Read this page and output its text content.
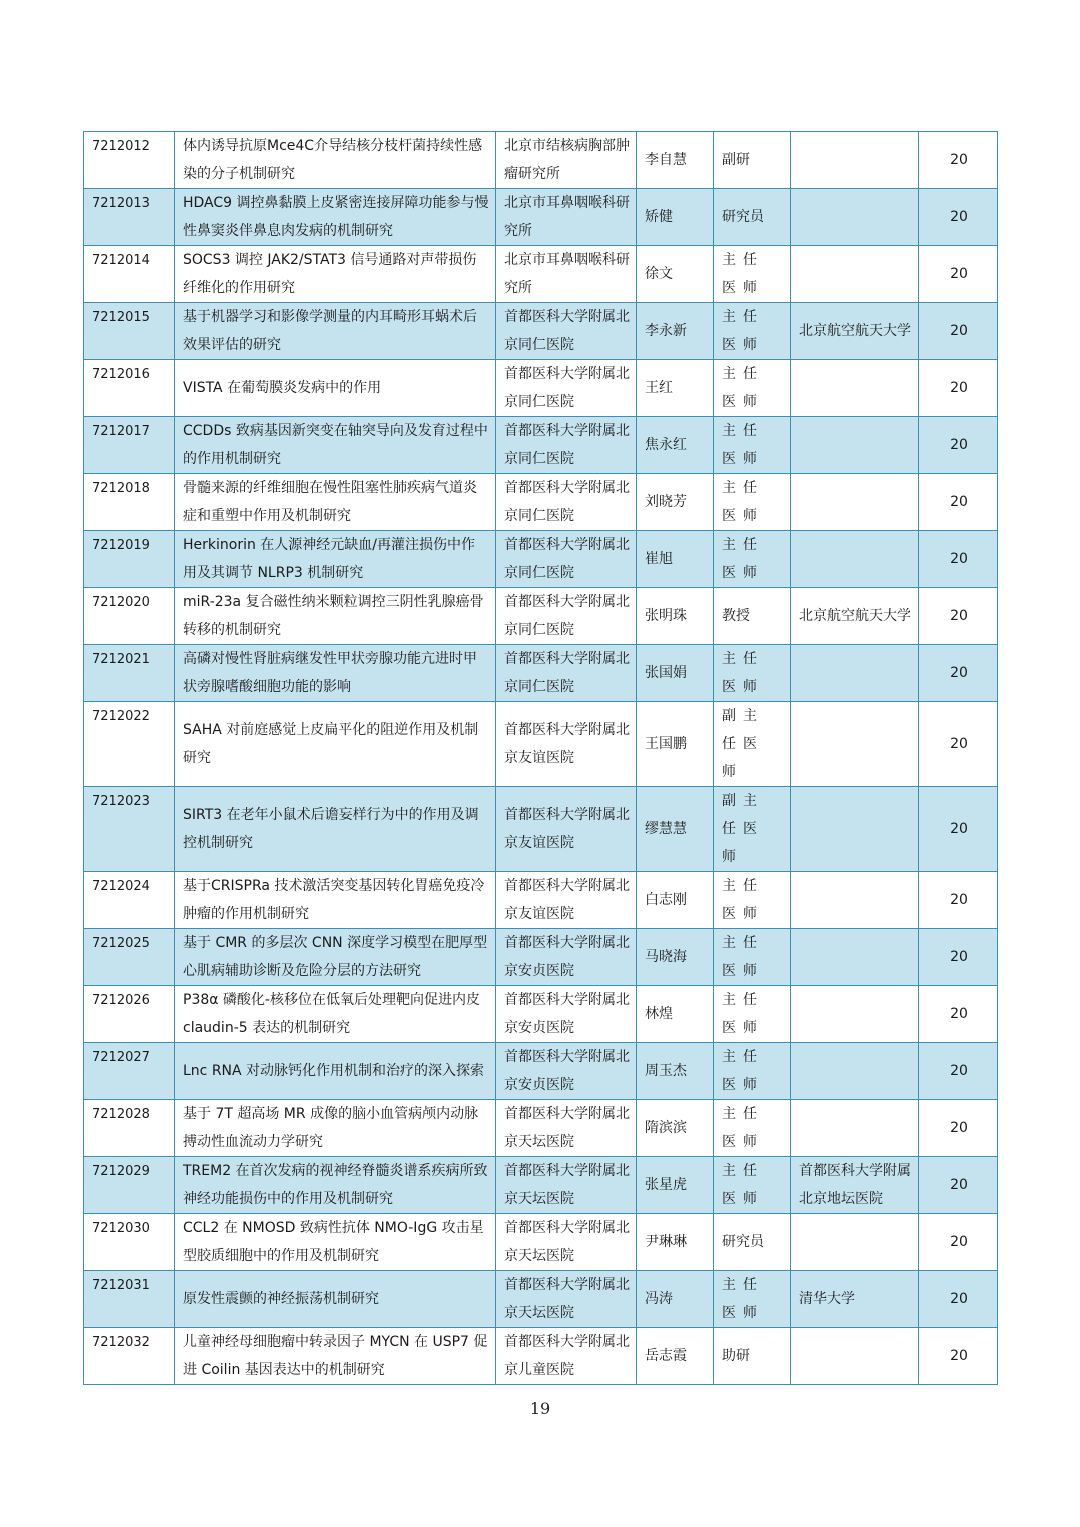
7212012	体内诱导抗原Mce4C介导结核分枝杆菌持续性感染的分子机制研究	北京市结核病胸部肿瘤研究所	李自慧	副研		20
7212013	HDAC9 调控鼻黏膜上皮紧密连接屏障功能参与慢性鼻窦炎伴鼻息肉发病的机制研究	北京市耳鼻咽喉科研究所	矫健	研究员		20
7212014	SOCS3 调控 JAK2/STAT3 信号通路对声带损伤纤维化的作用研究	北京市耳鼻咽喉科研究所	徐文	主任医师		20
7212015	基于机器学习和影像学测量的内耳畸形耳蜗术后效果评估的研究	首都医科大学附属北京同仁医院	李永新	主任医师	北京航空航天大学	20
7212016	VISTA 在葡萄膜炎发病中的作用	首都医科大学附属北京同仁医院	王红	主任医师		20
7212017	CCDDs 致病基因新突变在轴突导向及发育过程中的作用机制研究	首都医科大学附属北京同仁医院	焦永红	主任医师		20
7212018	骨髓来源的纤维细胞在慢性阻塞性肺疾病气道炎症和重塑中作用及机制研究	首都医科大学附属北京同仁医院	刘晓芳	主任医师		20
7212019	Herkinorin 在人源神经元缺血/再灌注损伤中作用及其调节 NLRP3 机制研究	首都医科大学附属北京同仁医院	崔旭	主任医师		20
7212020	miR-23a 复合磁性纳米颗粒调控三阴性乳腺癌骨转移的机制研究	首都医科大学附属北京同仁医院	张明珠	教授	北京航空航天大学	20
7212021	高磷对慢性肾脏病继发性甲状旁腺功能亢进时甲状旁腺嗜酸细胞功能的影响	首都医科大学附属北京同仁医院	张国娟	主任医师		20
7212022	SAHA 对前庭感觉上皮扁平化的阻逆作用及机制研究	首都医科大学附属北京友谊医院	王国鹏	副主任医师		20
7212023	SIRT3 在老年小鼠术后谵妄样行为中的作用及调控机制研究	首都医科大学附属北京友谊医院	缪慧慧	副主任医师		20
7212024	基于CRISPRa 技术激活突变基因转化胃癌免疫冷肿瘤的作用机制研究	首都医科大学附属北京友谊医院	白志刚	主任医师		20
7212025	基于 CMR 的多层次 CNN 深度学习模型在肥厚型心肌病辅助诊断及危险分层的方法研究	首都医科大学附属北京安贞医院	马晓海	主任医师		20
7212026	P38α 磷酸化-核移位在低氧后处理靶向促进内皮 claudin-5 表达的机制研究	首都医科大学附属北京安贞医院	林煌	主任医师		20
7212027	Lnc RNA 对动脉钙化作用机制和治疗的深入探索	首都医科大学附属北京安贞医院	周玉杰	主任医师		20
7212028	基于 7T 超高场 MR 成像的脑小血管病颅内动脉搏动性血流动力学研究	首都医科大学附属北京天坛医院	隋滨滨	主任医师		20
7212029	TREM2 在首次发病的视神经脊髓炎谱系疾病所致神经功能损伤中的作用及机制研究	首都医科大学附属北京天坛医院	张星虎	主任医师	首都医科大学附属北京地坛医院	20
7212030	CCL2 在 NMOSD 致病性抗体 NMO-IgG 攻击星型胶质细胞中的作用及机制研究	首都医科大学附属北京天坛医院	尹琳琳	研究员		20
7212031	原发性震颤的神经振荡机制研究	首都医科大学附属北京天坛医院	冯涛	主任医师	清华大学	20
7212032	儿童神经母细胞瘤中转录因子 MYCN 在 USP7 促进 Coilin 基因表达中的机制研究	首都医科大学附属北京儿童医院	岳志霞	助研		20
19
